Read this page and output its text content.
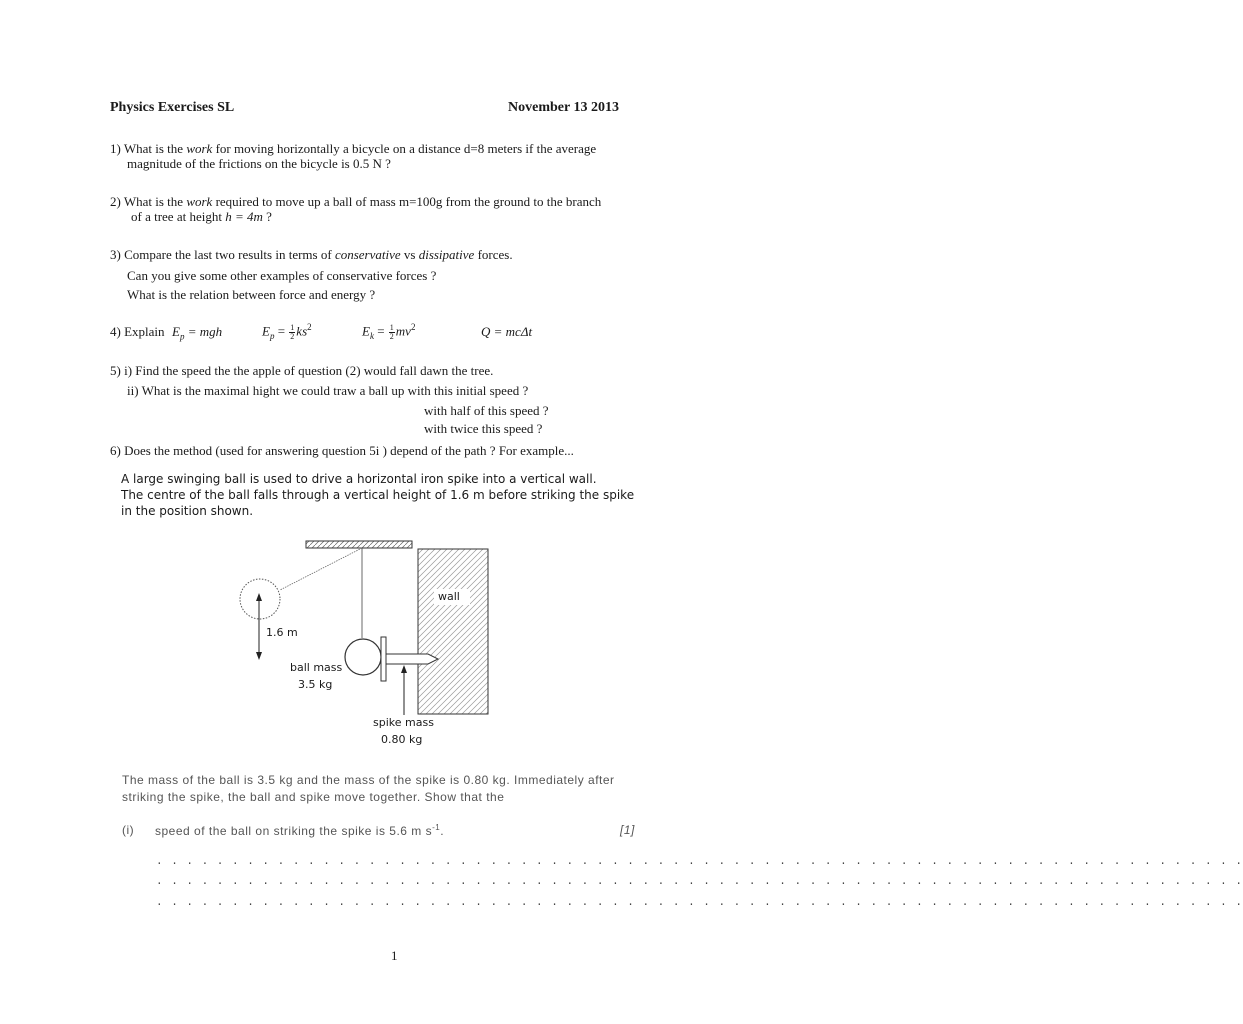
Physics Exercises SL	November 13 2013
1) What is the work for moving horizontally a bicycle on a distance d=8 meters if the average
magnitude of the frictions on the bicycle is 0.5 N ?
2) What is the work required to move up a ball of mass m=100g from the ground to the branch
of a tree at height h = 4m ?
3) Compare the last two results in terms of conservative vs dissipative forces.
Can you give some other examples of conservative forces ?
What is the relation between force and energy ?
4) Explain $E_p$ = mgh	$E_p = \frac{1}{2} ks^2$	$E_k = \frac{1}{2} mv^2$	Q = mcΔt
5) i) Find the speed the the apple of question (2) would fall dawn the tree.
ii) What is the maximal hight we could traw a ball up with this initial speed ?
with half of this speed ?
with twice this speed ?
6) Does the method (used for answering question 5i ) depend of the path ? For example...
A large swinging ball is used to drive a horizontal iron spike into a vertical wall.
The centre of the ball falls through a vertical height of 1.6 m before striking the spike
in the position shown.
wall
1.6 m
ball mass
3.5 kg
spike mass
0.80 kg
The mass of the ball is 3.5 kg and the mass of the spike is 0.80 kg. Immediately after
striking the spike, the ball and spike move together. Show that the
(i) speed of the ball on striking the spike is 5.6 m $s^{-1}$.	[1]
. . . . . . . . . . . . . . . . . . . . . . . . . . . . . . . . . . . . . . . . . . . . . . . . . . . . . . . . . . . . . . . . . . . . . . . .
. . . . . . . . . . . . . . . . . . . . . . . . . . . . . . . . . . . . . . . . . . . . . . . . . . . . . . . . . . . . . . . . . . . . . . . .
. . . . . . . . . . . . . . . . . . . . . . . . . . . . . . . . . . . . . . . . . . . . . . . . . . . . . . . . . . . . . . . . . . . . . . . .
1
